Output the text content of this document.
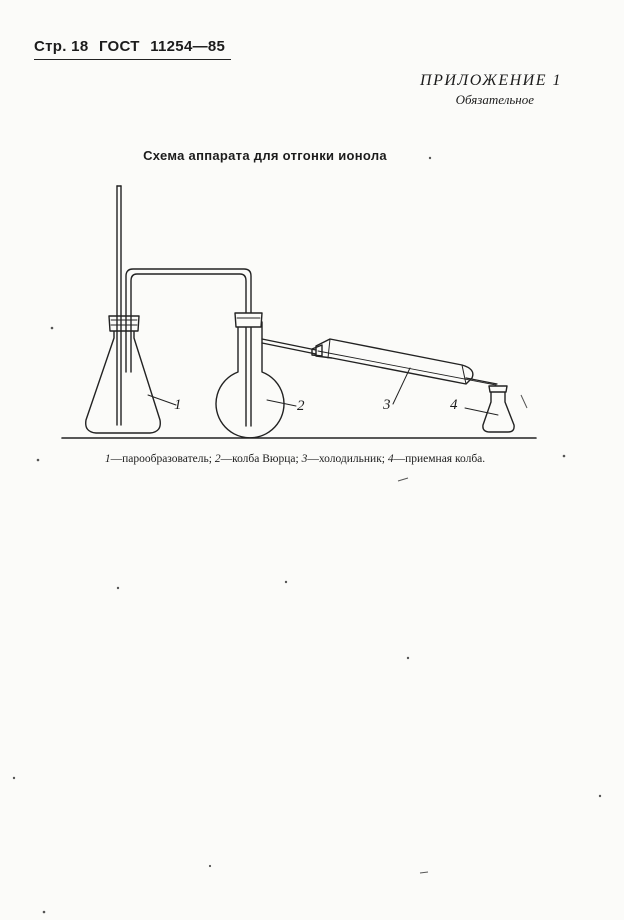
Стр. 18 ГОСТ 11254—85
ПРИЛОЖЕНИЕ 1
Обязательное
Схема аппарата для отгонки ионола
1	2	3	4
1—парообразователь; 2—колба Вюрца; 3—холодильник; 4—приемная колба.
